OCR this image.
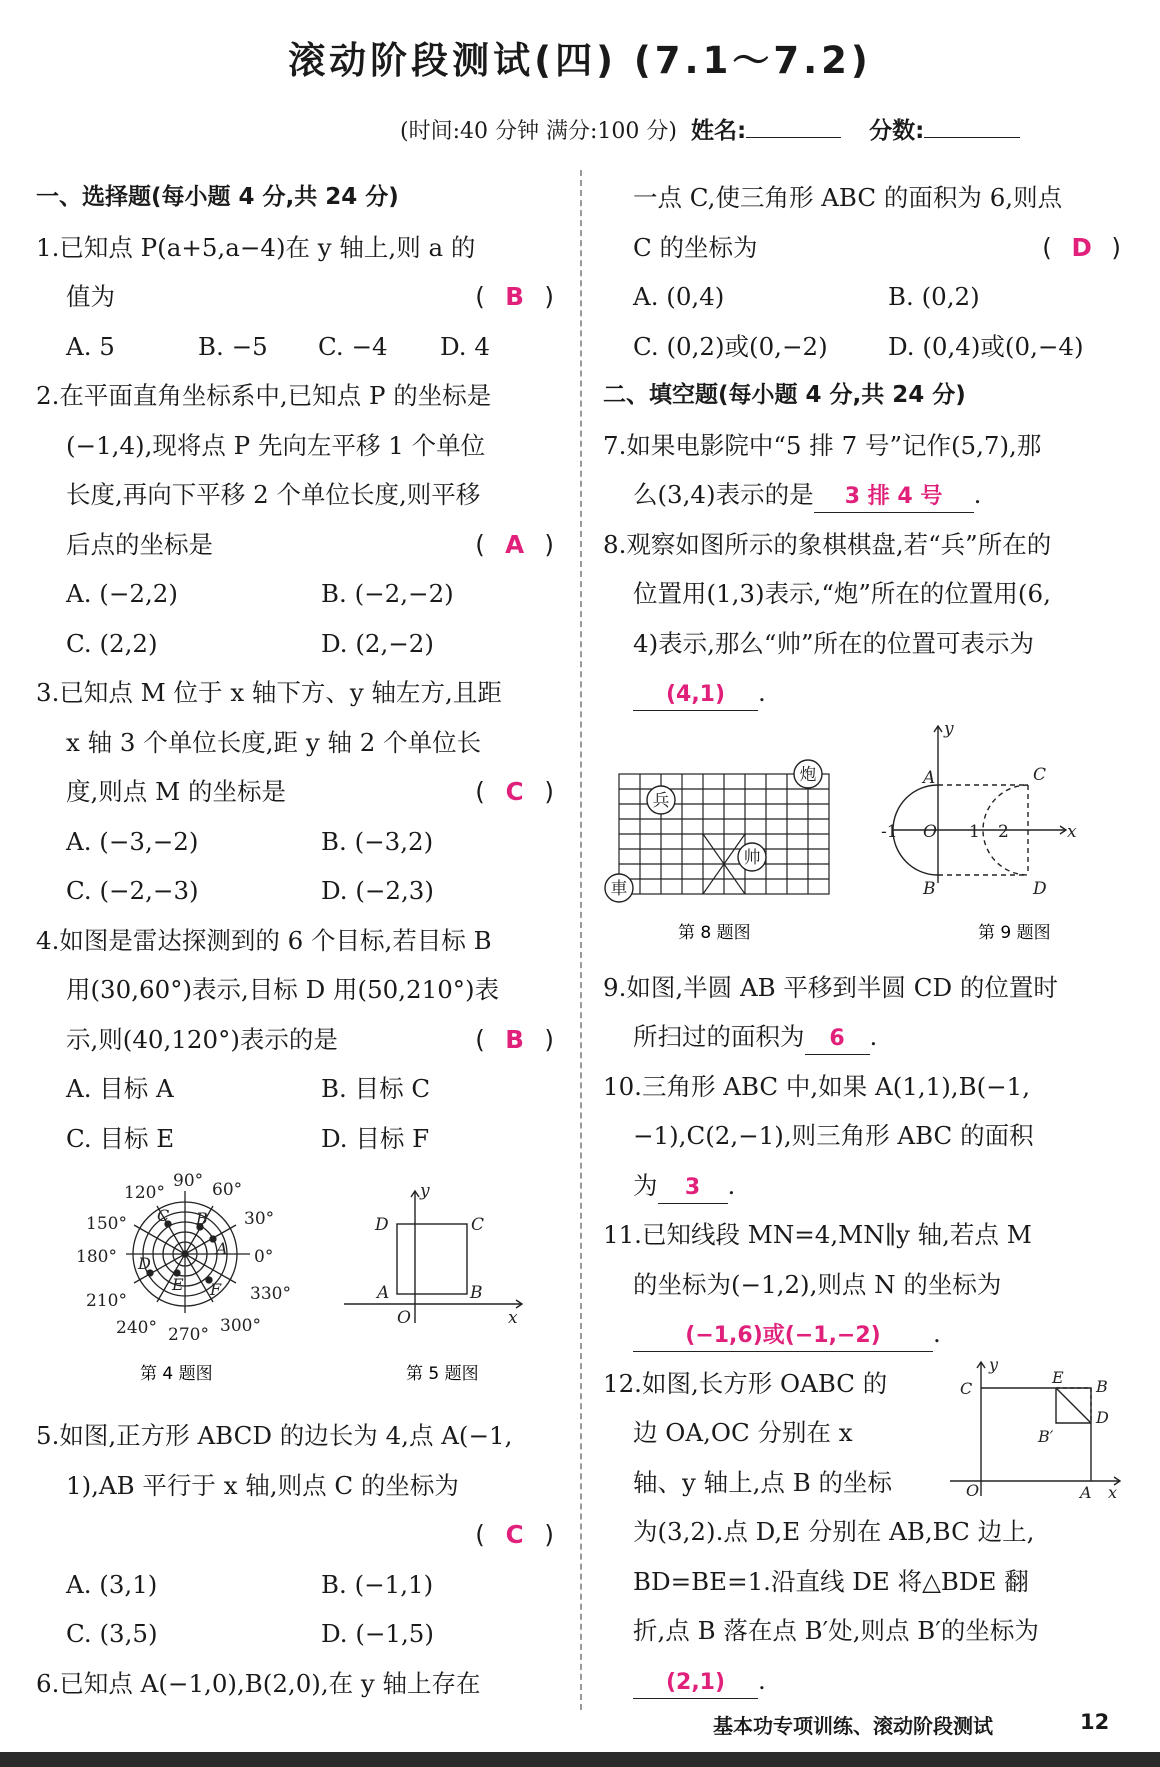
滚动阶段测试(四) (7.1～7.2)
(时间:40 分钟 满分:100 分) 姓名:	分数:
一、选择题(每小题 4 分,共 24 分)
1.已知点 P(a+5,a−4)在 y 轴上,则 a 的
值为	( B )
A. 5	B. −5 C. −4 D. 4
2.在平面直角坐标系中,已知点 P 的坐标是
(−1,4),现将点 P 先向左平移 1 个单位
长度,再向下平移 2 个单位长度,则平移
后点的坐标是	( A )
A. (−2,2)	B. (−2,−2)
C. (2,2)	D. (2,−2)
3.已知点 M 位于 x 轴下方、y 轴左方,且距
x 轴 3 个单位长度,距 y 轴 2 个单位长
度,则点 M 的坐标是	( C )
A. (−3,−2)	B. (−3,2)
C. (−2,−3)	D. (−2,3)
4.如图是雷达探测到的 6 个目标,若目标 B
用(30,60°)表示,目标 D 用(50,210°)表
示,则(40,120°)表示的是	( B )
A. 目标 A	B. 目标 C
C. 目标 E	D. 目标 F
90° 60°
120°
30°
150°
0°
180°
330°
210°
240° 270° 300°
A
B
C
D
E F
第 4 题图
D	C
A	B
O	x
y
第 5 题图
5.如图,正方形 ABCD 的边长为 4,点 A(−1,
1),AB 平行于 x 轴,则点 C 的坐标为
( C )
A. (3,1)	B. (−1,1)
C. (3,5)	D. (−1,5)
6.已知点 A(−1,0),B(2,0),在 y 轴上存在
一点 C,使三角形 ABC 的面积为 6,则点
C 的坐标为	( D )
A. (0,4)	B. (0,2)
C. (0,2)或(0,−2) D. (0,4)或(0,−4)
二、填空题(每小题 4 分,共 24 分)
7.如果电影院中“5 排 7 号”记作(5,7),那
么(3,4)表示的是 3 排 4 号 .
8.观察如图所示的象棋棋盘,若“兵”所在的
位置用(1,3)表示,“炮”所在的位置用(6,
4)表示,那么“帅”所在的位置可表示为
(4,1) .
炮
兵
帅
車
第 8 题图
y
A	C
-1 O 1 2	x
B	D
第 9 题图
9.如图,半圆 AB 平移到半圆 CD 的位置时
所扫过的面积为 6 .
10.三角形 ABC 中,如果 A(1,1),B(−1,
−1),C(2,−1),则三角形 ABC 的面积
为 3 .
11.已知线段 MN=4,MN∥y 轴,若点 M
的坐标为(−1,2),则点 N 的坐标为
(−1,6)或(−1,−2) .
12.如图,长方形 OABC 的
边 OA,OC 分别在 x
轴、y 轴上,点 B 的坐标
为(3,2).点 D,E 分别在 AB,BC 边上,
BD=BE=1.沿直线 DE 将△BDE 翻
折,点 B 落在点 B′处,则点 B′的坐标为
(2,1) .
y
C
E B
D
B′
O	A x
基本功专项训练、滚动阶段测试	12
